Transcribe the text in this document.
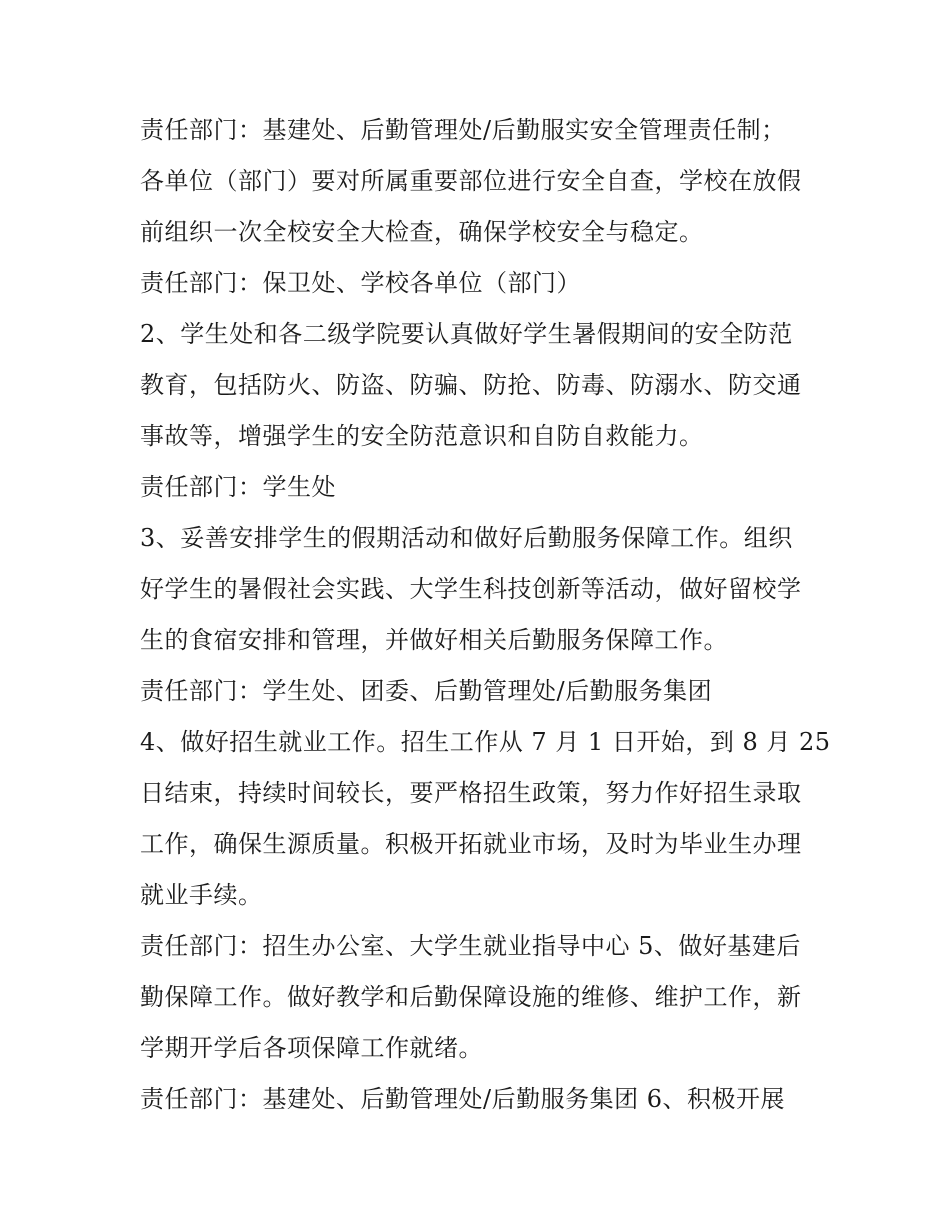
责任部门：基建处、后勤管理处/后勤服实安全管理责任制；
各单位（部门）要对所属重要部位进行安全自查，学校在放假
前组织一次全校安全大检查，确保学校安全与稳定。
责任部门：保卫处、学校各单位（部门）
2、学生处和各二级学院要认真做好学生暑假期间的安全防范
教育，包括防火、防盗、防骗、防抢、防毒、防溺水、防交通
事故等，增强学生的安全防范意识和自防自救能力。
责任部门：学生处
3、妥善安排学生的假期活动和做好后勤服务保障工作。组织
好学生的暑假社会实践、大学生科技创新等活动，做好留校学
生的食宿安排和管理，并做好相关后勤服务保障工作。
责任部门：学生处、团委、后勤管理处/后勤服务集团
4、做好招生就业工作。招生工作从 7 月 1 日开始，到 8 月 25
日结束，持续时间较长，要严格招生政策，努力作好招生录取
工作，确保生源质量。积极开拓就业市场，及时为毕业生办理
就业手续。
责任部门：招生办公室、大学生就业指导中心 5、做好基建后
勤保障工作。做好教学和后勤保障设施的维修、维护工作，新
学期开学后各项保障工作就绪。
责任部门：基建处、后勤管理处/后勤服务集团 6、积极开展
